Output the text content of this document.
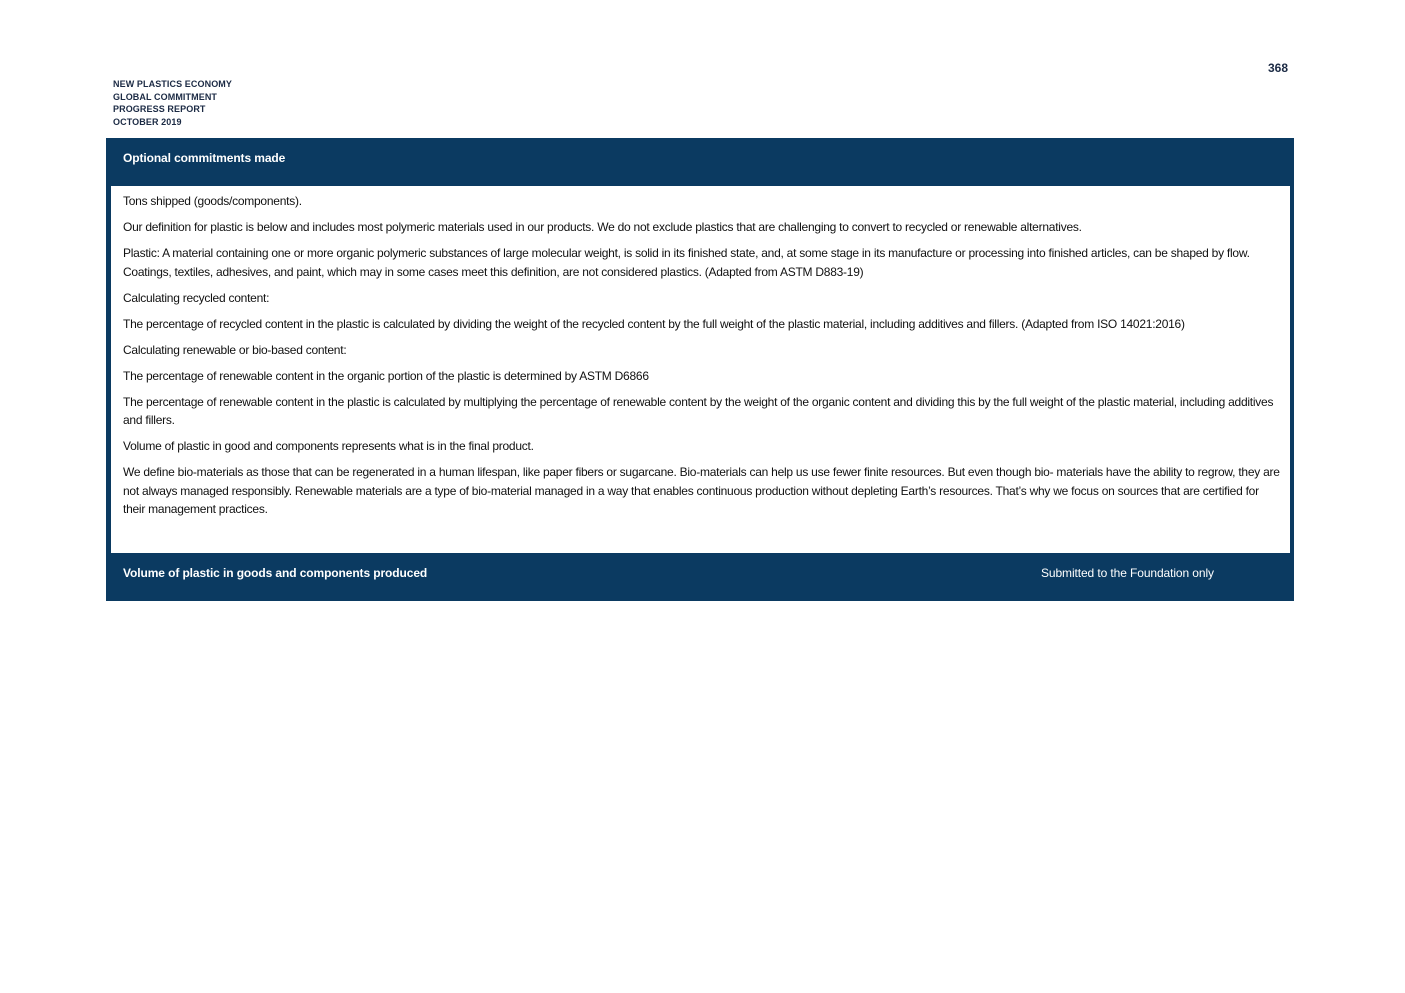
NEW PLASTICS ECONOMY
GLOBAL COMMITMENT
PROGRESS REPORT
OCTOBER 2019
368
Optional commitments made

Tons shipped (goods/components).

Our definition for plastic is below and includes most polymeric materials used in our products. We do not exclude plastics that are challenging to convert to recycled or renewable alternatives.

Plastic: A material containing one or more organic polymeric substances of large molecular weight, is solid in its finished state, and, at some stage in its manufacture or processing into finished articles, can be shaped by flow. Coatings, textiles, adhesives, and paint, which may in some cases meet this definition, are not considered plastics. (Adapted from ASTM D883-19)

Calculating recycled content:

The percentage of recycled content in the plastic is calculated by dividing the weight of the recycled content by the full weight of the plastic material, including additives and fillers. (Adapted from ISO 14021:2016)

Calculating renewable or bio-based content:

The percentage of renewable content in the organic portion of the plastic is determined by ASTM D6866

The percentage of renewable content in the plastic is calculated by multiplying the percentage of renewable content by the weight of the organic content and dividing this by the full weight of the plastic material, including additives and fillers.

Volume of plastic in good and components represents what is in the final product.

We define bio-materials as those that can be regenerated in a human lifespan, like paper fibers or sugarcane. Bio-materials can help us use fewer finite resources. But even though bio- materials have the ability to regrow, they are not always managed responsibly. Renewable materials are a type of bio-material managed in a way that enables continuous production without depleting Earth’s resources. That’s why we focus on sources that are certified for their management practices.

Volume of plastic in goods and components produced	Submitted to the Foundation only
